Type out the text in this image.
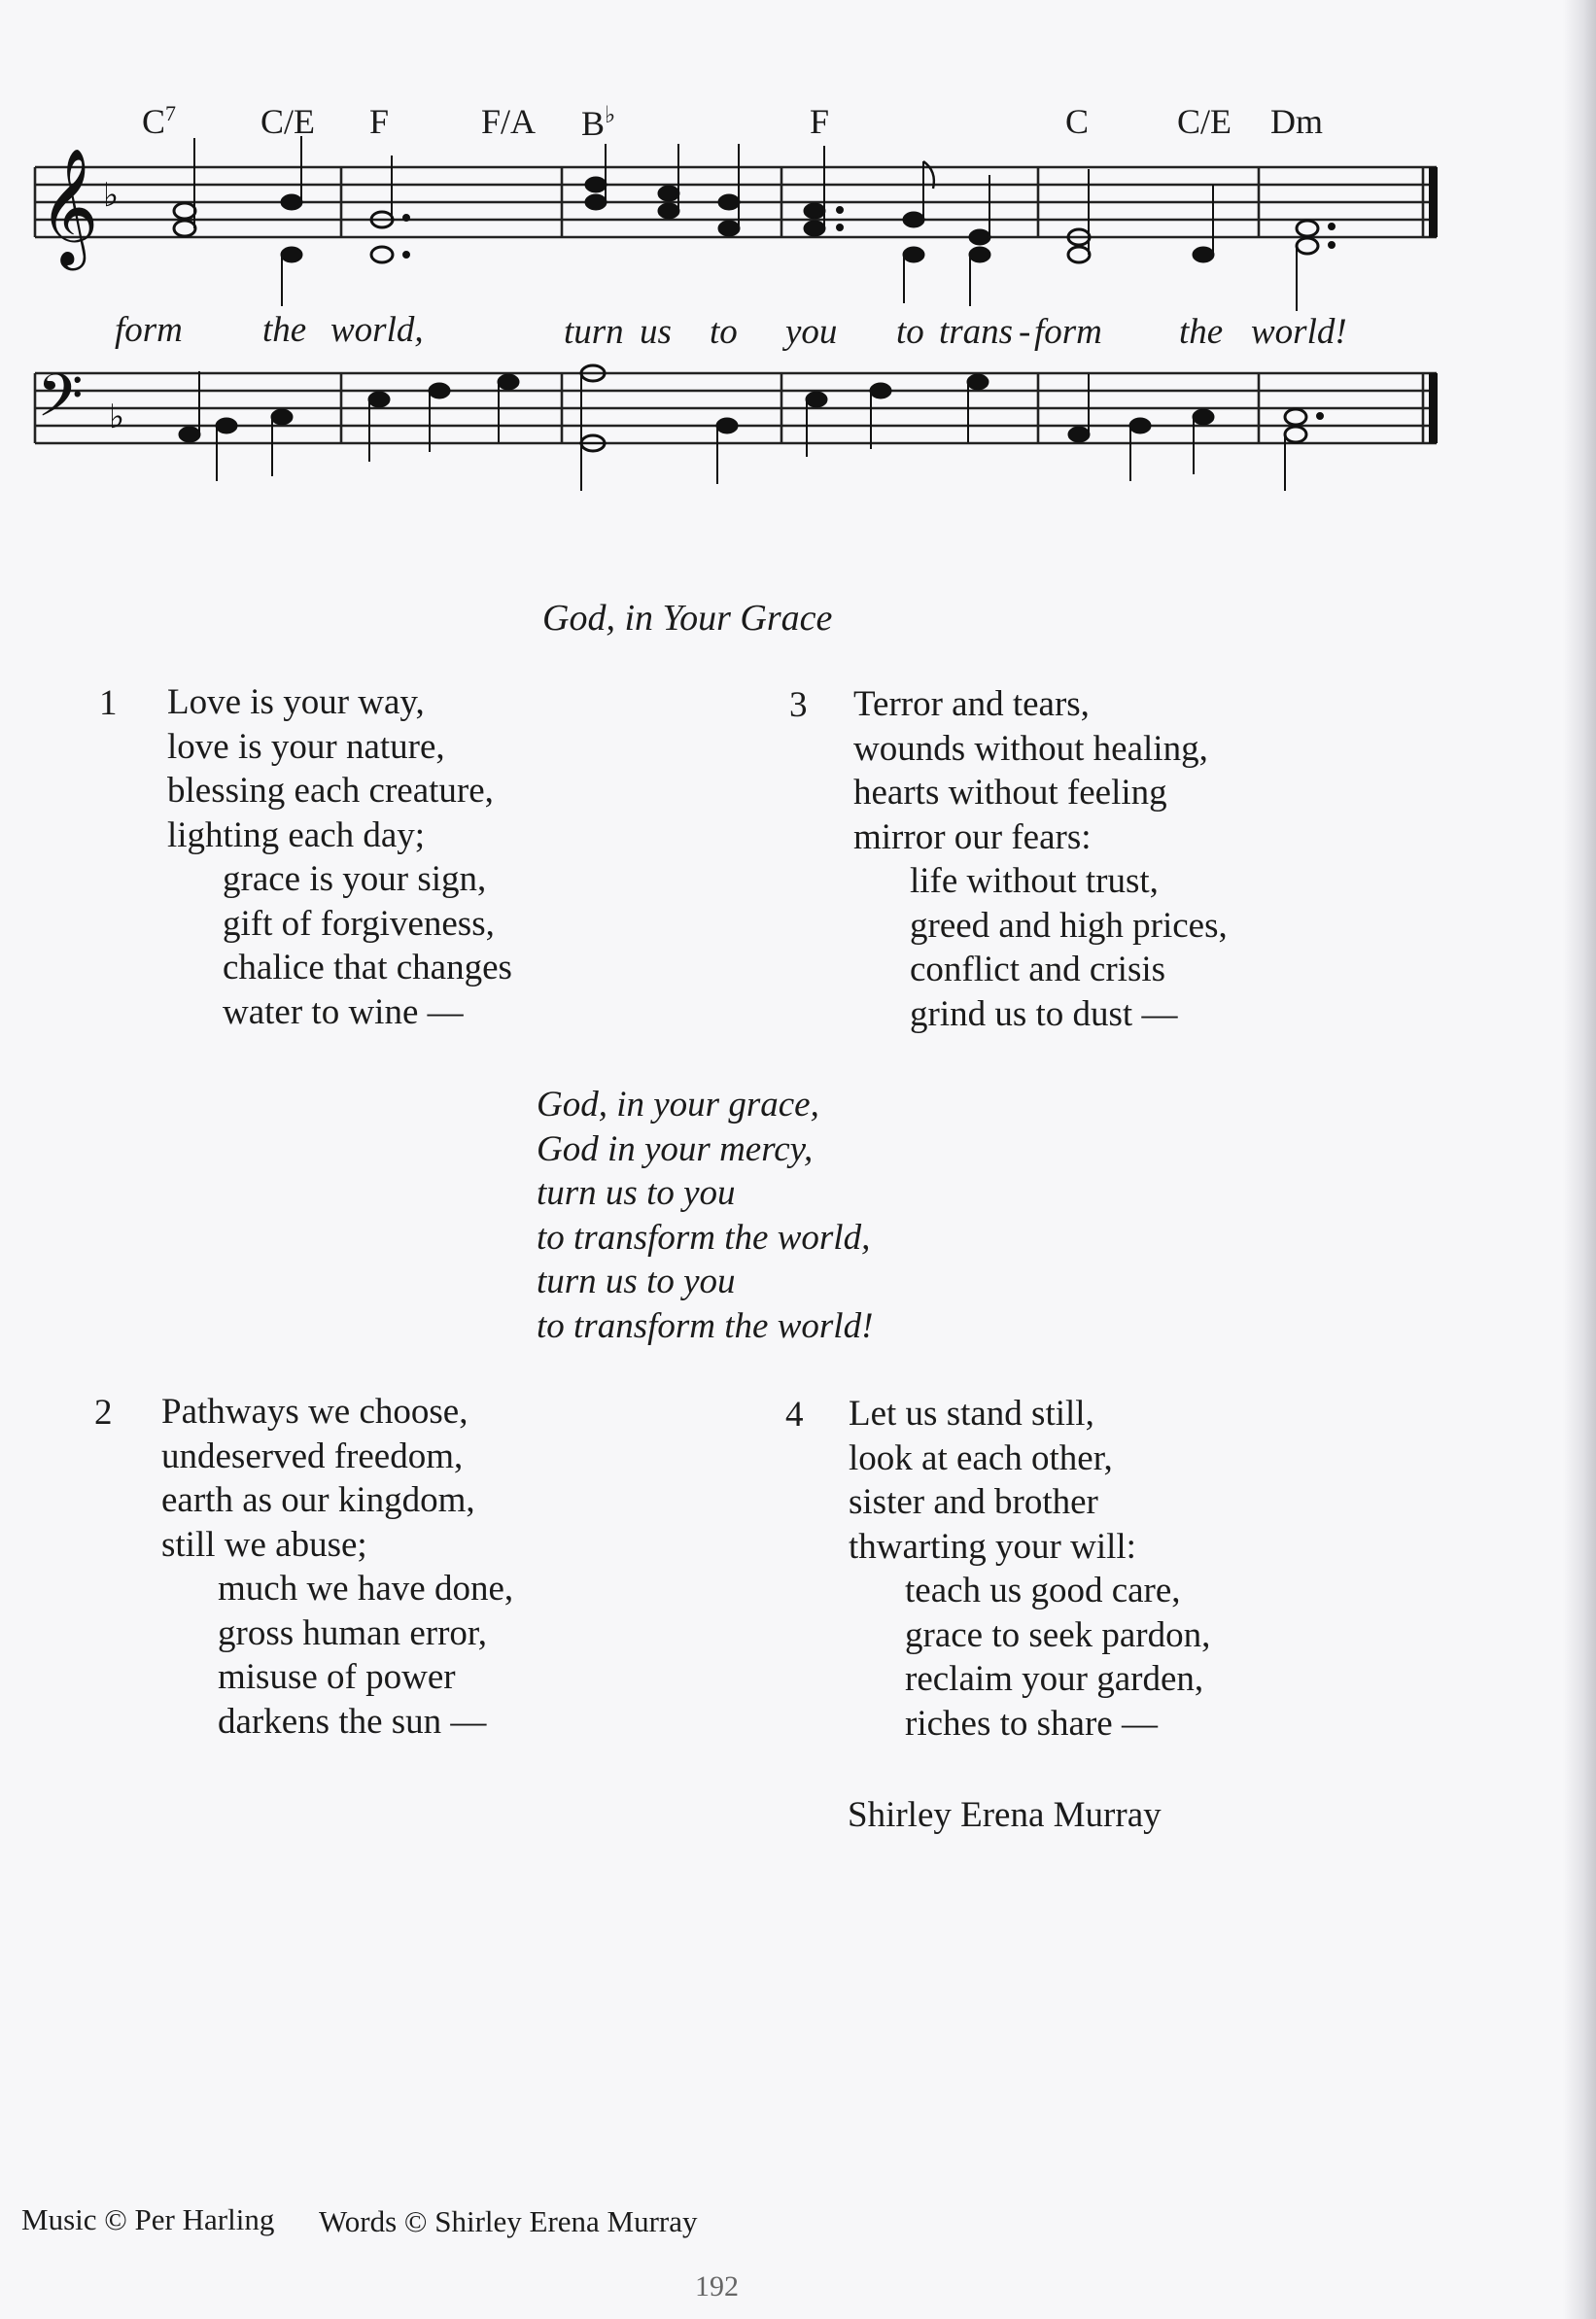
$C^7$ C/E F	F/A B♭	F	C	C/E Dm
𝄞 ♭
𝄢 ♭
form the world,	turn us to you to trans - form the world!
God, in Your Grace
1 Love is your way,
love is your nature,
blessing each creature,
lighting each day;
grace is your sign,
gift of forgiveness,
chalice that changes
water to wine —
3 Terror and tears,
wounds without healing,
hearts without feeling
mirror our fears:
life without trust,
greed and high prices,
conflict and crisis
grind us to dust —
God, in your grace,
God in your mercy,
turn us to you
to transform the world,
turn us to you
to transform the world!
2 Pathways we choose,
undeserved freedom,
earth as our kingdom,
still we abuse;
much we have done,
gross human error,
misuse of power
darkens the sun —
4 Let us stand still,
look at each other,
sister and brother
thwarting your will:
teach us good care,
grace to seek pardon,
reclaim your garden,
riches to share —
Shirley Erena Murray
Music © Per Harling Words © Shirley Erena Murray
192
